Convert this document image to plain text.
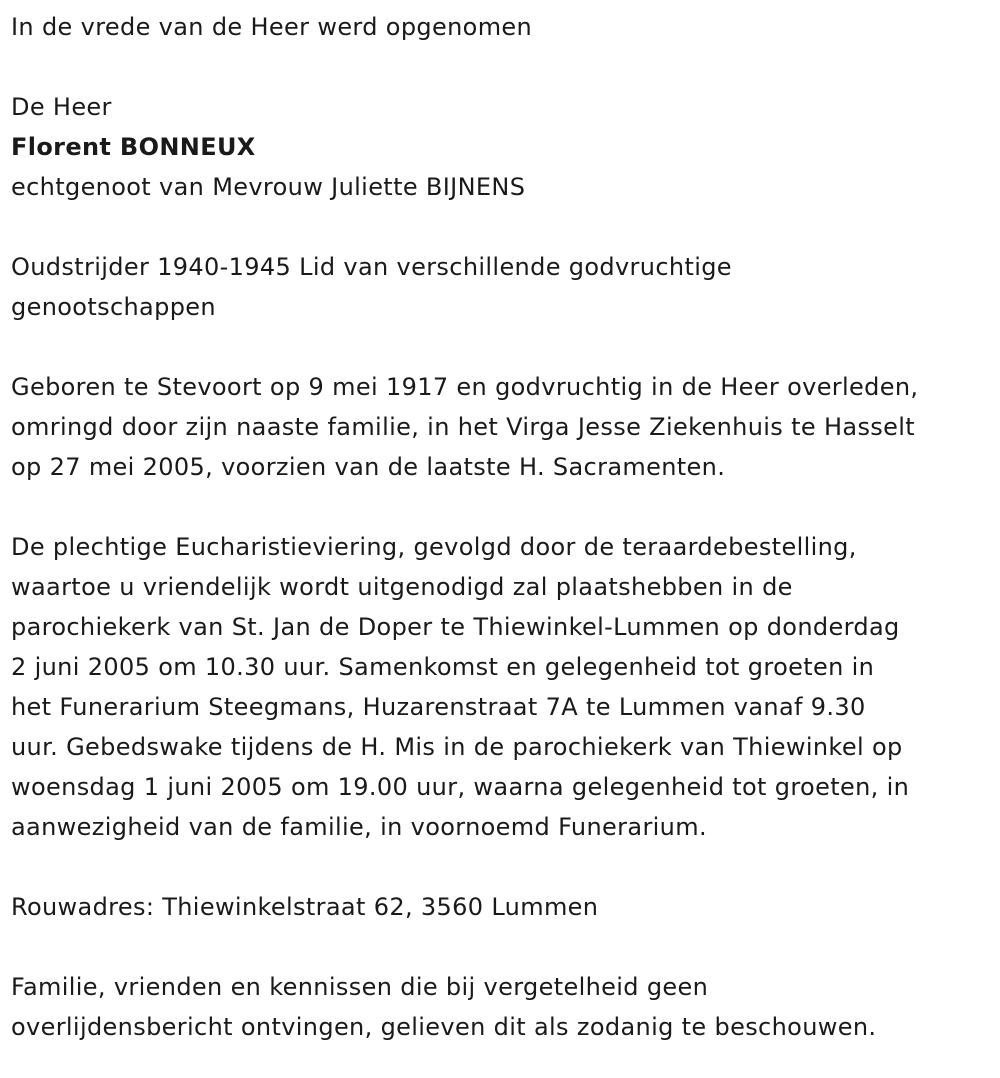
In de vrede van de Heer werd opgenomen
De Heer
Florent BONNEUX
echtgenoot van Mevrouw Juliette BIJNENS
Oudstrijder 1940-1945 Lid van verschillende godvruchtige
genootschappen
Geboren te Stevoort op 9 mei 1917 en godvruchtig in de Heer overleden,
omringd door zijn naaste familie, in het Virga Jesse Ziekenhuis te Hasselt
op 27 mei 2005, voorzien van de laatste H. Sacramenten.
De plechtige Eucharistieviering, gevolgd door de teraardebestelling,
waartoe u vriendelijk wordt uitgenodigd zal plaatshebben in de
parochiekerk van St. Jan de Doper te Thiewinkel-Lummen op donderdag
2 juni 2005 om 10.30 uur. Samenkomst en gelegenheid tot groeten in
het Funerarium Steegmans, Huzarenstraat 7A te Lummen vanaf 9.30
uur. Gebedswake tijdens de H. Mis in de parochiekerk van Thiewinkel op
woensdag 1 juni 2005 om 19.00 uur, waarna gelegenheid tot groeten, in
aanwezigheid van de familie, in voornoemd Funerarium.
Rouwadres: Thiewinkelstraat 62, 3560 Lummen
Familie, vrienden en kennissen die bij vergetelheid geen
overlijdensbericht ontvingen, gelieven dit als zodanig te beschouwen.
